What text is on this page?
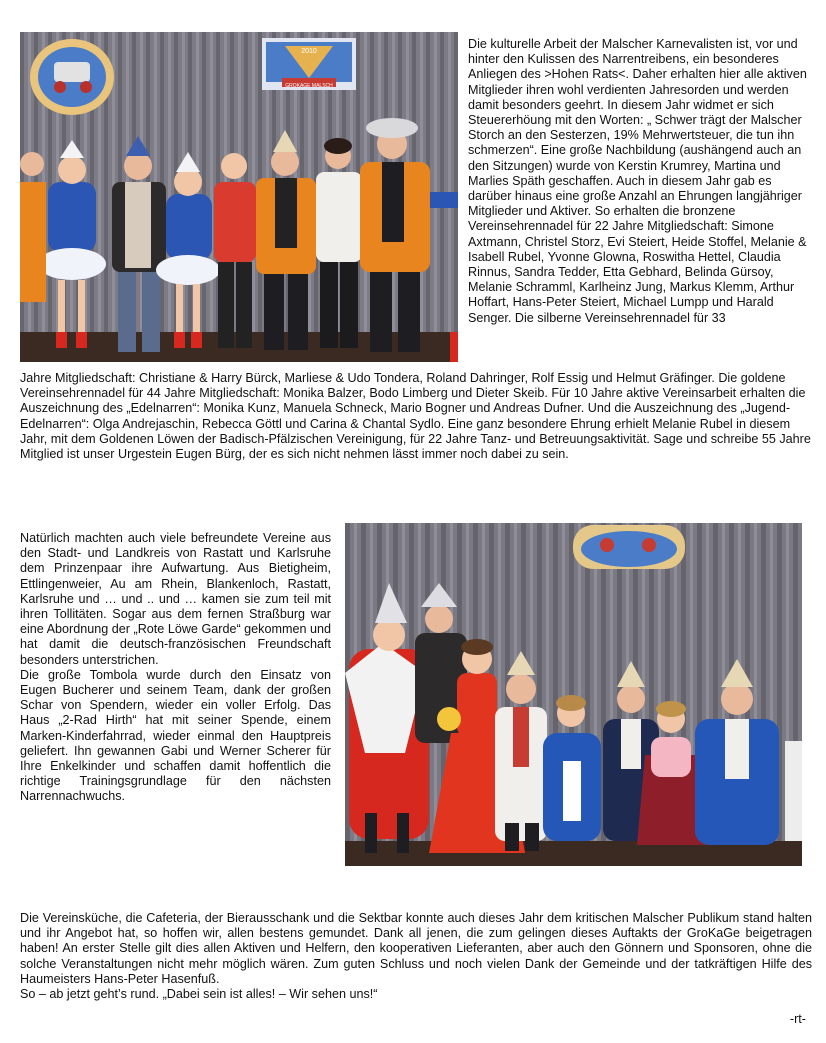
2010
GROKAGE MALSCH
Die kulturelle Arbeit der Malscher Karnevalisten ist, vor und hinter den Kulissen des Narrentreibens, ein besonderes Anliegen des >Hohen Rats<. Daher erhalten hier alle aktiven Mitglieder ihren wohl verdienten Jahresorden und werden damit besonders geehrt. In diesem Jahr widmet er sich Steuererhöung mit den Worten: „ Schwer trägt der Malscher Storch an den Sesterzen, 19% Mehrwertsteuer, die tun ihn schmerzen“. Eine große Nachbildung (aushängend auch an den Sitzungen) wurde von Kerstin Krumrey, Martina und Marlies Späth geschaffen. Auch in diesem Jahr gab es darüber hinaus eine große Anzahl an Ehrungen langjähriger Mitglieder und Aktiver. So erhalten die bronzene Vereinsehrennadel für 22 Jahre Mitgliedschaft: Simone Axtmann, Christel Storz, Evi Steiert, Heide Stoffel, Melanie & Isabell Rubel, Yvonne Glowna, Roswitha Hettel, Claudia Rinnus, Sandra Tedder, Etta Gebhard, Belinda Gürsoy, Melanie Schramml, Karlheinz Jung, Markus Klemm, Arthur Hoffart, Hans-Peter Steiert, Michael Lumpp und Harald Senger. Die silberne Vereinsehrennadel für 33
Jahre Mitgliedschaft: Christiane & Harry Bürck, Marliese & Udo Tondera, Roland Dahringer, Rolf Essig und Helmut Gräfinger. Die goldene Vereinsehrennadel für 44 Jahre Mitgliedschaft: Monika Balzer, Bodo Limberg und Dieter Skeib. Für 10 Jahre aktive Vereinsarbeit erhalten die Auszeichnung des „Edelnarren“: Monika Kunz, Manuela Schneck, Mario Bogner und Andreas Dufner. Und die Auszeichnung des „Jugend-Edelnarren“: Olga Andrejaschin, Rebecca Göttl und Carina & Chantal Sydlo. Eine ganz besondere Ehrung erhielt Melanie Rubel in diesem Jahr, mit dem Goldenen Löwen der Badisch-Pfälzischen Vereinigung, für 22 Jahre Tanz- und Betreuungsaktivität. Sage und schreibe 55 Jahre Mitglied ist unser Urgestein Eugen Bürg, der es sich nicht nehmen lässt immer noch dabei zu sein.

Natürlich machten auch viele befreundete Vereine aus den Stadt- und Landkreis von Rastatt und Karlsruhe dem Prinzenpaar ihre Aufwartung. Aus Bietigheim, Ettlingenweier, Au am Rhein, Blankenloch, Rastatt, Karlsruhe und … und .. und … kamen sie zum teil mit ihren Tollitäten. Sogar aus dem fernen Straßburg war eine Abordnung der „Rote Löwe Garde“ gekommen und hat damit die deutsch-französischen Freundschaft besonders unterstrichen.

Die große Tombola wurde durch den Einsatz von Eugen Bucherer und seinem Team, dank der großen Schar von Spendern, wieder ein voller Erfolg. Das Haus „2-Rad Hirth“ hat mit seiner Spende, einem Marken-Kinderfahrrad, wieder einmal den Hauptpreis geliefert. Ihn gewannen Gabi und Werner Scherer für Ihre Enkelkinder und schaffen damit hoffentlich die richtige Trainingsgrundlage für den nächsten Narrennachwuchs.

Die Vereinsküche, die Cafeteria, der Bierausschank und die Sektbar konnte auch dieses Jahr dem kritischen Malscher Publikum stand halten und ihr Angebot hat, so hoffen wir, allen bestens gemundet. Dank all jenen, die zum gelingen dieses Auftakts der GroKaGe beigetragen haben! An erster Stelle gilt dies allen Aktiven und Helfern, den kooperativen Lieferanten, aber auch den Gönnern und Sponsoren, ohne die solche Veranstaltungen nicht mehr möglich wären. Zum guten Schluss und noch vielen Dank der Gemeinde und der tatkräftigen Hilfe des Haumeisters Hans-Peter Hasenfuß.

So – ab jetzt geht’s rund. „Dabei sein ist alles! – Wir sehen uns!“

-rt-
